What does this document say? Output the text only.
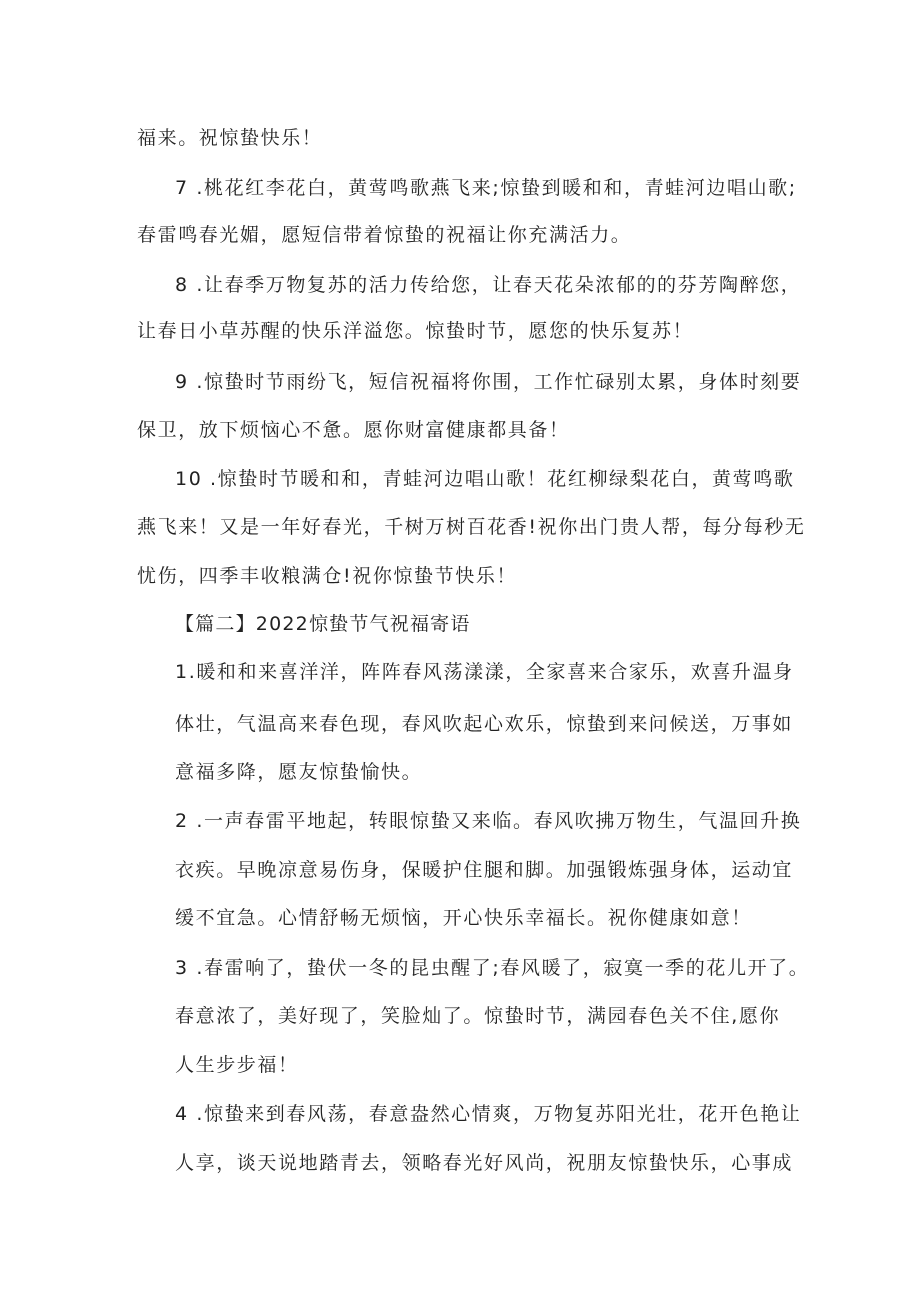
福来。祝惊蛰快乐！
7 .桃花红李花白，黄莺鸣歌燕飞来;惊蛰到暖和和，青蛙河边唱山歌;
春雷鸣春光媚，愿短信带着惊蛰的祝福让你充满活力。
8 .让春季万物复苏的活力传给您，让春天花朵浓郁的的芬芳陶醉您，
让春日小草苏醒的快乐洋溢您。惊蛰时节，愿您的快乐复苏！
9 .惊蛰时节雨纷飞，短信祝福将你围，工作忙碌别太累，身体时刻要
保卫，放下烦恼心不惫。愿你财富健康都具备！
10 .惊蛰时节暖和和，青蛙河边唱山歌！花红柳绿梨花白，黄莺鸣歌
燕飞来！又是一年好春光，千树万树百花香!祝你出门贵人帮，每分每秒无
忧伤，四季丰收粮满仓!祝你惊蛰节快乐！
【篇二】2022惊蛰节气祝福寄语
1.暖和和来喜洋洋，阵阵春风荡漾漾，全家喜来合家乐，欢喜升温身
体壮，气温高来春色现，春风吹起心欢乐，惊蛰到来问候送，万事如
意福多降，愿友惊蛰愉快。
2 .一声春雷平地起，转眼惊蛰又来临。春风吹拂万物生，气温回升换
衣疾。早晚凉意易伤身，保暖护住腿和脚。加强锻炼强身体，运动宜
缓不宜急。心情舒畅无烦恼，开心快乐幸福长。祝你健康如意！
3 .春雷响了，蛰伏一冬的昆虫醒了;春风暖了，寂寞一季的花儿开了。
春意浓了，美好现了，笑脸灿了。惊蛰时节，满园春色关不住,愿你
人生步步福！
4 .惊蛰来到春风荡，春意盎然心情爽，万物复苏阳光壮，花开色艳让
人享，谈天说地踏青去，领略春光好风尚，祝朋友惊蛰快乐，心事成
